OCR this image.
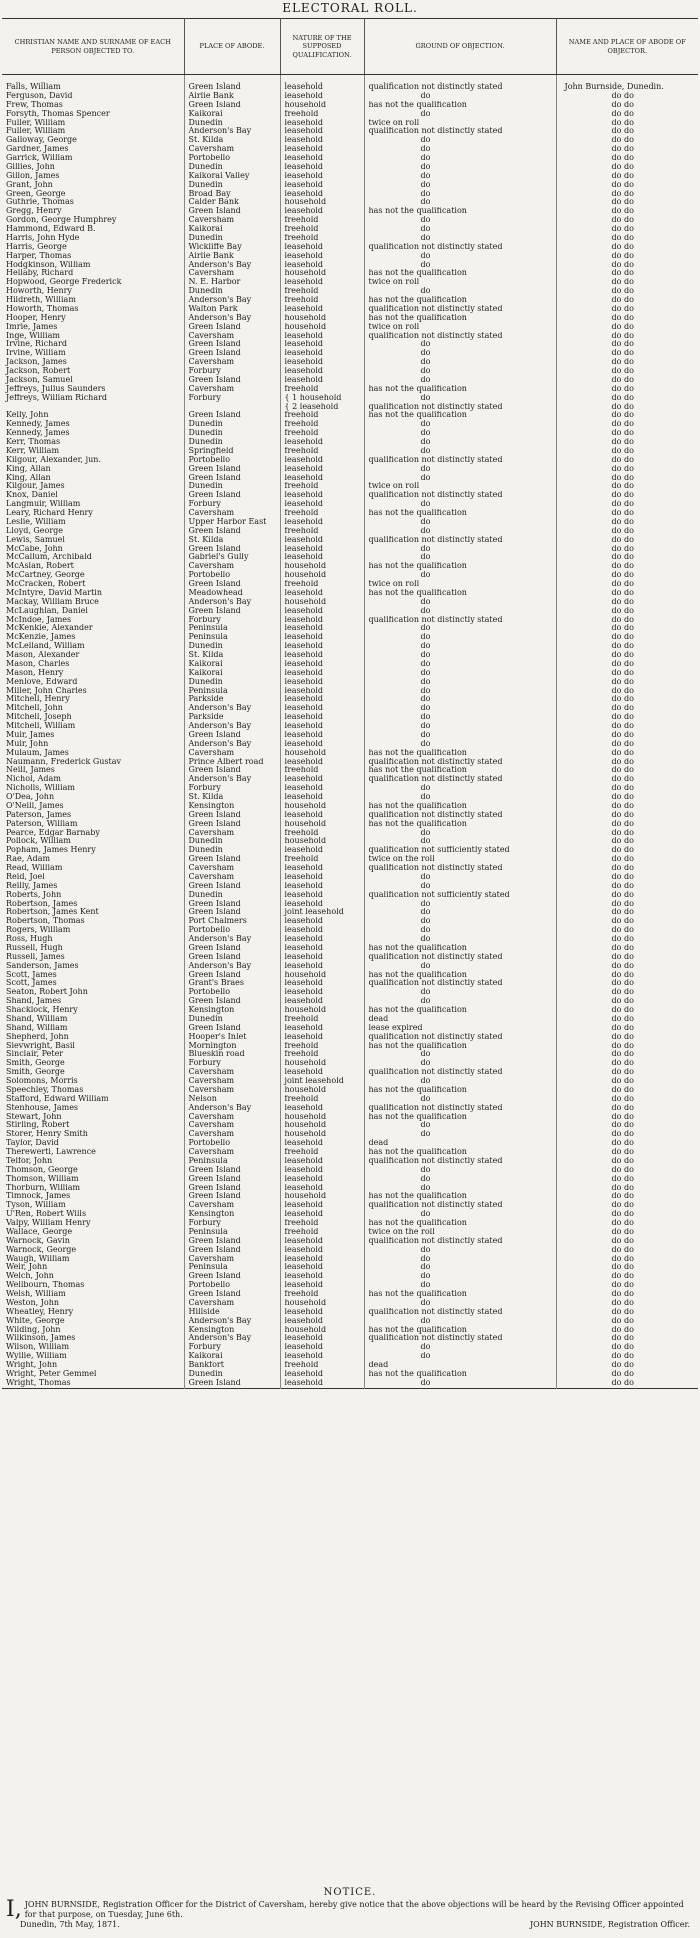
ELECTORAL ROLL.
CHRISTIAN NAME AND SURNAME OF EACH PERSON OBJECTED TO.	PLACE OF ABODE.	NATURE OF THE SUPPOSED QUALIFICATION.	GROUND OF OBJECTION.	NAME AND PLACE OF ABODE OF OBJECTOR.
Falls, William	Green Island	leasehold	qualification not distinctly stated	John Burnside, Dunedin.
Ferguson, David	Airlie Bank	leasehold	do	do do
Frew, Thomas	Green Island	household	has not the qualification	do do
Forsyth, Thomas Spencer	Kaikorai	freehold	do	do do
Fuller, William	Dunedin	leasehold	twice on roll	do do
Fuller, William	Anderson's Bay	leasehold	qualification not distinctly stated	do do
Galloway, George	St. Kilda	leasehold	do	do do
Gardner, James	Caversham	leasehold	do	do do
Garrick, William	Portobello	leasehold	do	do do
Gillies, John	Dunedin	leasehold	do	do do
Gillon, James	Kaikorai Valley	leasehold	do	do do
Grant, John	Dunedin	leasehold	do	do do
Green, George	Broad Bay	leasehold	do	do do
Guthrie, Thomas	Calder Bank	household	do	do do
Gregg, Henry	Green Island	leasehold	has not the qualification	do do
Gordon, George Humphrey	Caversham	freehold	do	do do
Hammond, Edward B.	Kaikorai	freehold	do	do do
Harris, John Hyde	Dunedin	freehold	do	do do
Harris, George	Wickliffe Bay	leasehold	qualification not distinctly stated	do do
Harper, Thomas	Airlie Bank	leasehold	do	do do
Hodgkinson, William	Anderson's Bay	leasehold	do	do do
Hellaby, Richard	Caversham	household	has not the qualification	do do
Hopwood, George Frederick	N. E. Harbor	leasehold	twice on roll	do do
Howorth, Henry	Dunedin	freehold	do	do do
Hildreth, William	Anderson's Bay	freehold	has not the qualification	do do
Howorth, Thomas	Walton Park	leasehold	qualification not distinctly stated	do do
Hooper, Henry	Anderson's Bay	household	has not the qualification	do do
Imrie, James	Green Island	household	twice on roll	do do
Inge, William	Caversham	leasehold	qualification not distinctly stated	do do
Irvine, Richard	Green Island	leasehold	do	do do
Irvine, William	Green Island	leasehold	do	do do
Jackson, James	Caversham	leasehold	do	do do
Jackson, Robert	Forbury	leasehold	do	do do
Jackson, Samuel	Green Island	leasehold	do	do do
Jeffreys, Julius Saunders	Caversham	freehold	has not the qualification	do do
Jeffreys, William Richard	Forbury	{ 1 household	do	do do
		{ 2 leasehold	qualification not distinctly stated	do do
Kelly, John	Green Island	freehold	has not the qualification	do do
Kennedy, James	Dunedin	freehold	do	do do
Kennedy, James	Dunedin	freehold	do	do do
Kerr, Thomas	Dunedin	leasehold	do	do do
Kerr, William	Springfield	freehold	do	do do
Kilgour, Alexander, jun.	Portobello	leasehold	qualification not distinctly stated	do do
King, Allan	Green Island	leasehold	do	do do
King, Allan	Green Island	leasehold	do	do do
Kilgour, James	Dunedin	freehold	twice on roll	do do
Knox, Daniel	Green Island	leasehold	qualification not distinctly stated	do do
Langmuir, William	Forbury	leasehold	do	do do
Leary, Richard Henry	Caversham	freehold	has not the qualification	do do
Leslie, William	Upper Harbor East	leasehold	do	do do
Lloyd, George	Green Island	freehold	do	do do
Lewis, Samuel	St. Kilda	leasehold	qualification not distinctly stated	do do
McCabe, John	Green Island	leasehold	do	do do
McCallum, Archibald	Gabriel's Gully	leasehold	do	do do
McAslan, Robert	Caversham	household	has not the qualification	do do
McCartney, George	Portobello	household	do	do do
McCracken, Robert	Green Island	freehold	twice on roll	do do
McIntyre, David Martin	Meadowhead	leasehold	has not the qualification	do do
Mackay, William Bruce	Anderson's Bay	household	do	do do
McLaughlan, Daniel	Green Island	leasehold	do	do do
McIndoe, James	Forbury	leasehold	qualification not distinctly stated	do do
McKenkie, Alexander	Peninsula	leasehold	do	do do
McKenzie, James	Peninsula	leasehold	do	do do
McLelland, William	Dunedin	leasehold	do	do do
Mason, Alexander	St. Kilda	leasehold	do	do do
Mason, Charles	Kaikorai	leasehold	do	do do
Mason, Henry	Kaikorai	leasehold	do	do do
Menlove, Edward	Dunedin	leasehold	do	do do
Miller, John Charles	Peninsula	leasehold	do	do do
Mitchell, Henry	Parkside	leasehold	do	do do
Mitchell, John	Anderson's Bay	leasehold	do	do do
Mitchell, Joseph	Parkside	leasehold	do	do do
Mitchell, William	Anderson's Bay	leasehold	do	do do
Muir, James	Green Island	leasehold	do	do do
Muir, John	Anderson's Bay	leasehold	do	do do
Mulaum, James	Caversham	household	has not the qualification	do do
Naumann, Frederick Gustav	Prince Albert road	leasehold	qualification not distinctly stated	do do
Neill, James	Green Island	freehold	has not the qualification	do do
Nichol, Adam	Anderson's Bay	leasehold	qualification not distinctly stated	do do
Nicholls, William	Forbury	leasehold	do	do do
O'Dea, John	St. Kilda	leasehold	do	do do
O'Neill, James	Kensington	household	has not the qualification	do do
Paterson, James	Green Island	leasehold	qualification not distinctly stated	do do
Paterson, William	Green Island	household	has not the qualification	do do
Pearce, Edgar Barnaby	Caversham	freehold	do	do do
Pollock, William	Dunedin	household	do	do do
Popham, James Henry	Dunedin	leasehold	qualification not sufficiently stated	do do
Rae, Adam	Green Island	freehold	twice on the roll	do do
Read, William	Caversham	leasehold	qualification not distinctly stated	do do
Reid, Joel	Caversham	leasehold	do	do do
Reilly, James	Green Island	leasehold	do	do do
Roberts, John	Dunedin	leasehold	qualification not sufficiently stated	do do
Robertson, James	Green Island	leasehold	do	do do
Robertson, James Kent	Green Island	joint leasehold	do	do do
Robertson, Thomas	Port Chalmers	leasehold	do	do do
Rogers, William	Portobello	leasehold	do	do do
Ross, Hugh	Anderson's Bay	leasehold	do	do do
Russell, Hugh	Green Island	leasehold	has not the qualification	do do
Russell, James	Green Island	leasehold	qualification not distinctly stated	do do
Sanderson, James	Anderson's Bay	leasehold	do	do do
Scott, James	Green Island	household	has not the qualification	do do
Scott, James	Grant's Braes	leasehold	qualification not distinctly stated	do do
Seaton, Robert John	Portobello	leasehold	do	do do
Shand, James	Green Island	leasehold	do	do do
Shacklock, Henry	Kensington	household	has not the qualification	do do
Shand, William	Dunedin	freehold	dead	do do
Shand, William	Green Island	leasehold	lease expired	do do
Shepherd, John	Hooper's Inlet	leasehold	qualification not distinctly stated	do do
Sievwright, Basil	Mornington	freehold	has not the qualification	do do
Sinclair, Peter	Blueskin road	freehold	do	do do
Smith, George	Forbury	household	do	do do
Smith, George	Caversham	leasehold	qualification not distinctly stated	do do
Solomons, Morris	Caversham	joint leasehold	do	do do
Speechley, Thomas	Caversham	household	has not the qualification	do do
Stafford, Edward William	Nelson	freehold	do	do do
Stenhouse, James	Anderson's Bay	leasehold	qualification not distinctly stated	do do
Stewart, John	Caversham	household	has not the qualification	do do
Stirling, Robert	Caversham	household	do	do do
Storer, Henry Smith	Caversham	household	do	do do
Taylor, David	Portobello	leasehold	dead	do do
Therewerti, Lawrence	Caversham	freehold	has not the qualification	do do
Telfor, John	Peninsula	leasehold	qualification not distinctly stated	do do
Thomson, George	Green Island	leasehold	do	do do
Thomson, William	Green Island	leasehold	do	do do
Thorburn, William	Green Island	leasehold	do	do do
Timnock, James	Green Island	household	has not the qualification	do do
Tyson, William	Caversham	leasehold	qualification not distinctly stated	do do
U'Ren, Robert Wills	Kensington	leasehold	do	do do
Valpy, William Henry	Forbury	freehold	has not the qualification	do do
Wallace, George	Peninsula	freehold	twice on the roll	do do
Warnock, Gavin	Green Island	leasehold	qualification not distinctly stated	do do
Warnock, George	Green Island	leasehold	do	do do
Waugh, William	Caversham	leasehold	do	do do
Weir, John	Peninsula	leasehold	do	do do
Welch, John	Green Island	leasehold	do	do do
Wellbourn, Thomas	Portobello	leasehold	do	do do
Welsh, William	Green Island	freehold	has not the qualification	do do
Weston, John	Caversham	household	do	do do
Wheatley, Henry	Hillside	leasehold	qualification not distinctly stated	do do
White, George	Anderson's Bay	leasehold	do	do do
Wilding, John	Kensington	household	has not the qualification	do do
Wilkinson, James	Anderson's Bay	leasehold	qualification not distinctly stated	do do
Wilson, William	Forbury	leasehold	do	do do
Wyllie, William	Kaikorai	leasehold	do	do do
Wright, John	Bankfort	freehold	dead	do do
Wright, Peter Gemmel	Dunedin	leasehold	has not the qualification	do do
Wright, Thomas	Green Island	leasehold	do	do do
NOTICE.
I, JOHN BURNSIDE, Registration Officer for the District of Caversham, hereby give notice that the above objections will be heard by the Revising Officer appointed for that purpose, on Tuesday, June 6th.
Dunedin, 7th May, 1871.	JOHN BURNSIDE, Registration Officer.
